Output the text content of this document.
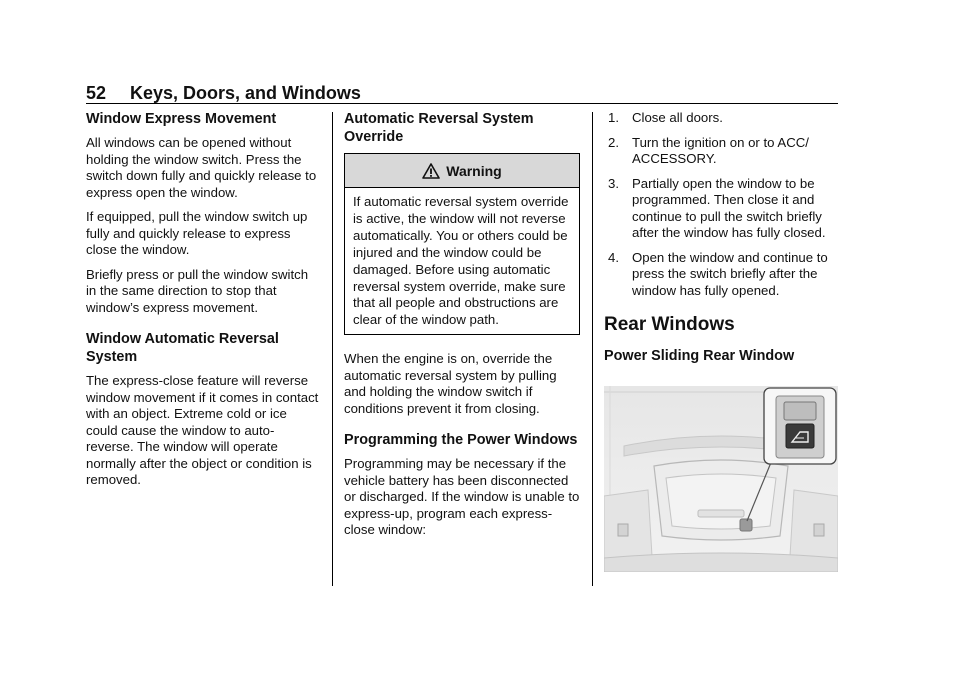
52 Keys, Doors, and Windows
Window Express Movement

All windows can be opened without holding the window switch. Press the switch down fully and quickly release to express open the window.

If equipped, pull the window switch up fully and quickly release to express close the window.

Briefly press or pull the window switch in the same direction to stop that window’s express movement.

Window Automatic Reversal System

The express-close feature will reverse window movement if it comes in contact with an object. Extreme cold or ice could cause the window to auto-reverse. The window will operate normally after the object or condition is removed.

Automatic Reversal System Override
Warning
If automatic reversal system override is active, the window will not reverse automatically. You or others could be injured and the window could be damaged. Before using automatic reversal system override, make sure that all people and obstructions are clear of the window path.

When the engine is on, override the automatic reversal system by pulling and holding the window switch if conditions prevent it from closing.

Programming the Power Windows

Programming may be necessary if the vehicle battery has been disconnected or discharged. If the window is unable to express-up, program each express-close window:

1. Close all doors.
2. Turn the ignition on or to ACC/ ACCESSORY.
3. Partially open the window to be programmed. Then close it and continue to pull the switch briefly after the window has fully closed.
4. Open the window and continue to press the switch briefly after the window has fully opened.
Rear Windows
Power Sliding Rear Window
